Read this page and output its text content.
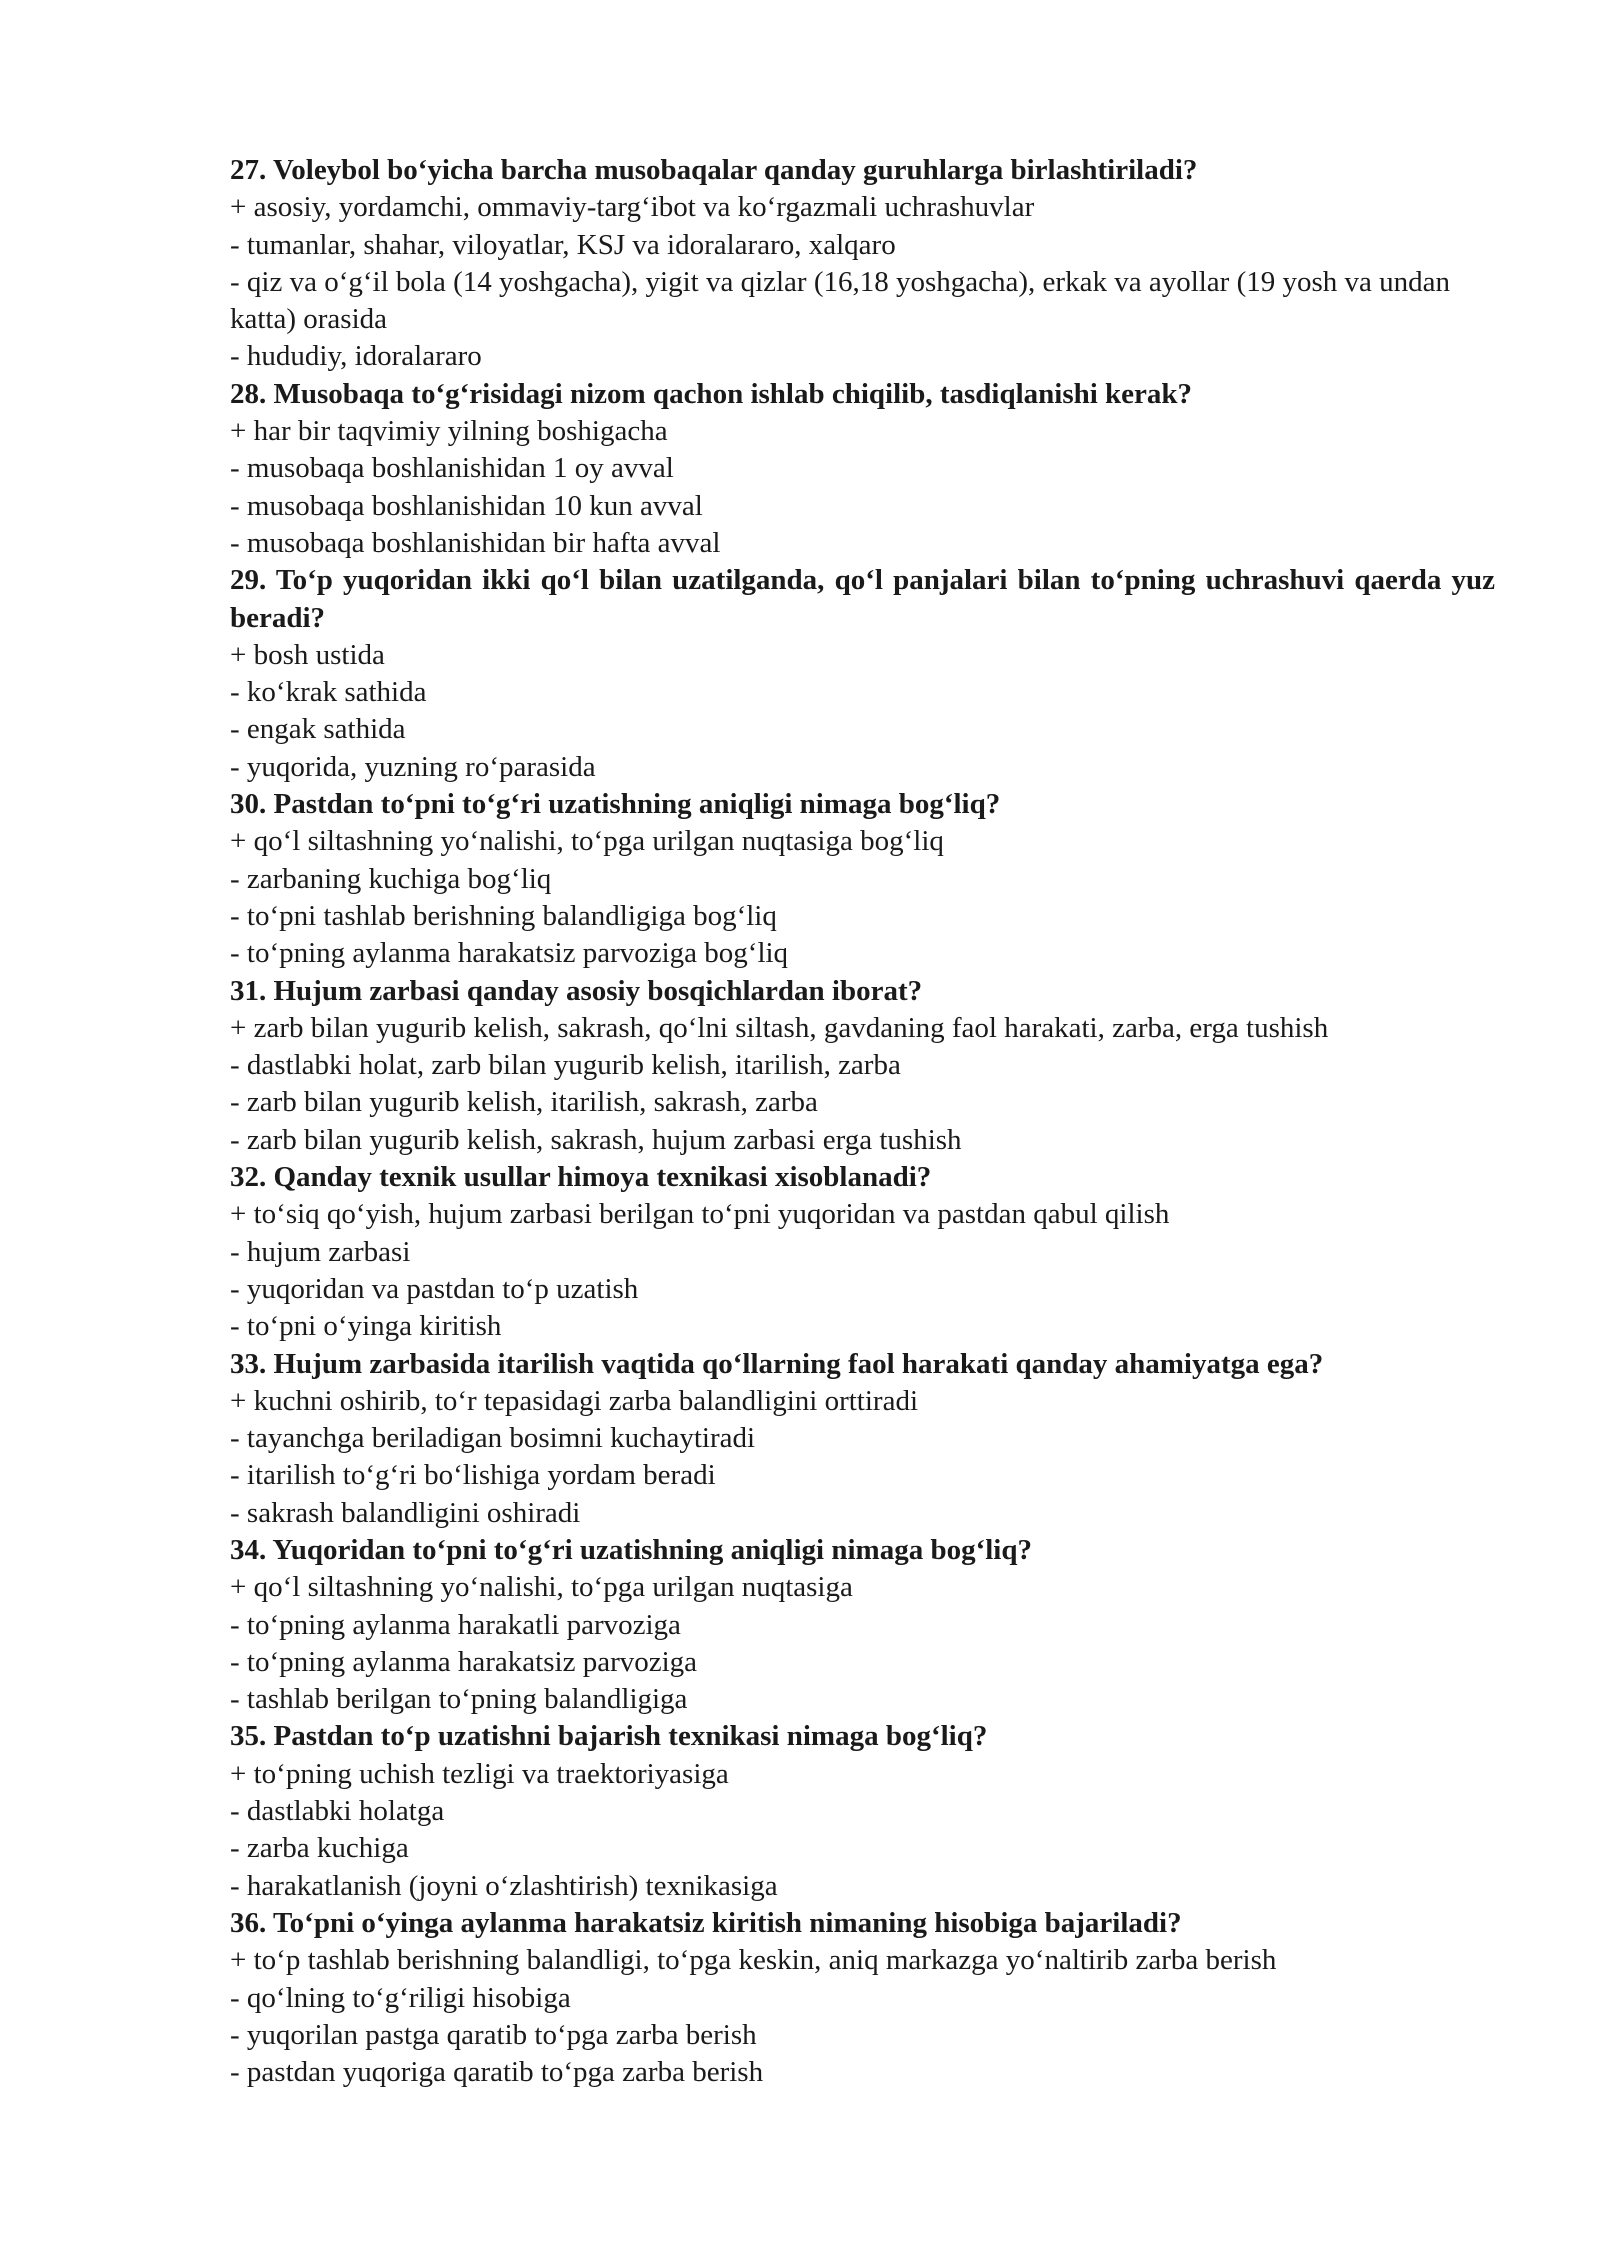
27. Voleybol bo‘yicha barcha musobaqalar qanday guruhlarga birlashtiriladi?

+ asosiy, yordamchi, ommaviy-targ‘ibot va ko‘rgazmali uchrashuvlar

- tumanlar, shahar, viloyatlar, KSJ va idoralararo, xalqaro

- qiz va o‘g‘il bola (14 yoshgacha), yigit va qizlar (16,18 yoshgacha), erkak va ayollar (19 yosh va undan katta) orasida

- hududiy, idoralararo

28. Musobaqa to‘g‘risidagi nizom qachon ishlab chiqilib, tasdiqlanishi kerak?

+ har bir taqvimiy yilning boshigacha

- musobaqa boshlanishidan 1 oy avval

- musobaqa boshlanishidan 10 kun avval

- musobaqa boshlanishidan bir hafta avval

29. To‘p yuqoridan ikki qo‘l bilan uzatilganda, qo‘l panjalari bilan to‘pning uchrashuvi qaerda yuz beradi?

+ bosh ustida

- ko‘krak sathida

- engak sathida

- yuqorida, yuzning ro‘parasida

30. Pastdan to‘pni to‘g‘ri uzatishning aniqligi nimaga bog‘liq?

+ qo‘l siltashning yo‘nalishi, to‘pga urilgan nuqtasiga bog‘liq

- zarbaning kuchiga bog‘liq

- to‘pni tashlab berishning balandligiga bog‘liq

- to‘pning aylanma harakatsiz parvoziga bog‘liq

31. Hujum zarbasi qanday asosiy bosqichlardan iborat?

+ zarb bilan yugurib kelish, sakrash, qo‘lni siltash, gavdaning faol harakati, zarba, erga tushish

- dastlabki holat, zarb bilan yugurib kelish, itarilish, zarba

- zarb bilan yugurib kelish, itarilish, sakrash, zarba

- zarb bilan yugurib kelish, sakrash, hujum zarbasi erga tushish

32. Qanday texnik usullar himoya texnikasi xisoblanadi?

+ to‘siq qo‘yish, hujum zarbasi berilgan to‘pni yuqoridan va pastdan qabul qilish

- hujum zarbasi

- yuqoridan va pastdan to‘p uzatish

- to‘pni o‘yinga kiritish

33. Hujum zarbasida itarilish vaqtida qo‘llarning faol harakati qanday ahamiyatga ega?

+ kuchni oshirib, to‘r tepasidagi zarba balandligini orttiradi

- tayanchga beriladigan bosimni kuchaytiradi

- itarilish to‘g‘ri bo‘lishiga yordam beradi

- sakrash balandligini oshiradi

34. Yuqoridan to‘pni to‘g‘ri uzatishning aniqligi nimaga bog‘liq?

+ qo‘l siltashning yo‘nalishi, to‘pga urilgan nuqtasiga

- to‘pning aylanma harakatli parvoziga

- to‘pning aylanma harakatsiz parvoziga

- tashlab berilgan to‘pning balandligiga

35. Pastdan to‘p uzatishni bajarish texnikasi nimaga bog‘liq?

+ to‘pning uchish tezligi va traektoriyasiga

- dastlabki holatga

- zarba kuchiga

- harakatlanish (joyni o‘zlashtirish) texnikasiga

36. To‘pni o‘yinga aylanma harakatsiz kiritish nimaning hisobiga bajariladi?

+ to‘p tashlab berishning balandligi, to‘pga keskin, aniq markazga yo‘naltirib zarba berish

- qo‘lning to‘g‘riligi hisobiga

- yuqorilan pastga qaratib to‘pga zarba berish

- pastdan yuqoriga qaratib to‘pga zarba berish
